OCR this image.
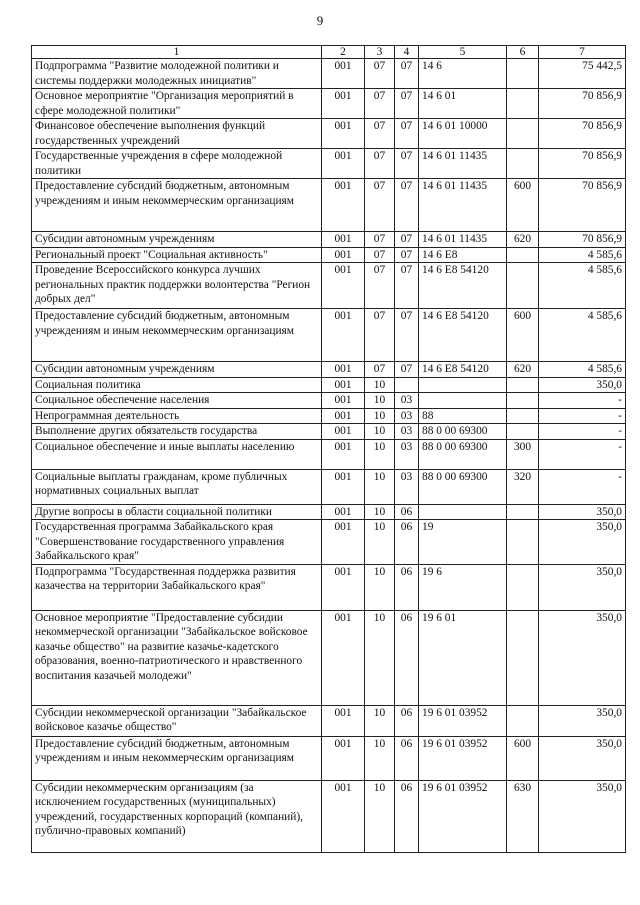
9
1	2	3	4	5	6	7
Подпрограмма "Развитие молодежной политики и системы поддержки молодежных инициатив"	001	07	07	14 6		75 442,5
Основное мероприятие "Организация мероприятий в сфере молодежной политики"	001	07	07	14 6 01		70 856,9
Финансовое обеспечение выполнения функций государственных учреждений	001	07	07	14 6 01 10000		70 856,9
Государственные учреждения в сфере молодежной политики	001	07	07	14 6 01 11435		70 856,9
Предоставление субсидий бюджетным, автономным учреждениям и иным некоммерческим организациям	001	07	07	14 6 01 11435	600	70 856,9
Субсидии автономным учреждениям	001	07	07	14 6 01 11435	620	70 856,9
Региональный проект "Социальная активность"	001	07	07	14 6 E8		4 585,6
Проведение Всероссийского конкурса лучших региональных практик поддержки волонтерства "Регион добрых дел"	001	07	07	14 6 E8 54120		4 585,6
Предоставление субсидий бюджетным, автономным учреждениям и иным некоммерческим организациям	001	07	07	14 6 E8 54120	600	4 585,6
Субсидии автономным учреждениям	001	07	07	14 6 E8 54120	620	4 585,6
Социальная политика	001	10				350,0
Социальное обеспечение населения	001	10	03			-
Непрограммная деятельность	001	10	03	88		-
Выполнение других обязательств государства	001	10	03	88 0 00 69300		-
Социальное обеспечение и иные выплаты населению	001	10	03	88 0 00 69300	300	-
Социальные выплаты гражданам, кроме публичных нормативных социальных выплат	001	10	03	88 0 00 69300	320	-
Другие вопросы в области социальной политики	001	10	06			350,0
Государственная программа Забайкальского края "Совершенствование государственного управления Забайкальского края"	001	10	06	19		350,0
Подпрограмма "Государственная поддержка развития казачества на территории Забайкальского края"	001	10	06	19 6		350,0
Основное мероприятие "Предоставление субсидии некоммерческой организации "Забайкальское войсковое казачье общество" на развитие казачье-кадетского образования, военно-патриотического и нравственного воспитания казачьей молодежи"	001	10	06	19 6 01		350,0
Субсидии некоммерческой организации "Забайкальское войсковое казачье общество"	001	10	06	19 6 01 03952		350,0
Предоставление субсидий бюджетным, автономным учреждениям и иным некоммерческим организациям	001	10	06	19 6 01 03952	600	350,0
Субсидии некоммерческим организациям (за исключением государственных (муниципальных) учреждений, государственных корпораций (компаний), публично-правовых компаний)	001	10	06	19 6 01 03952	630	350,0
